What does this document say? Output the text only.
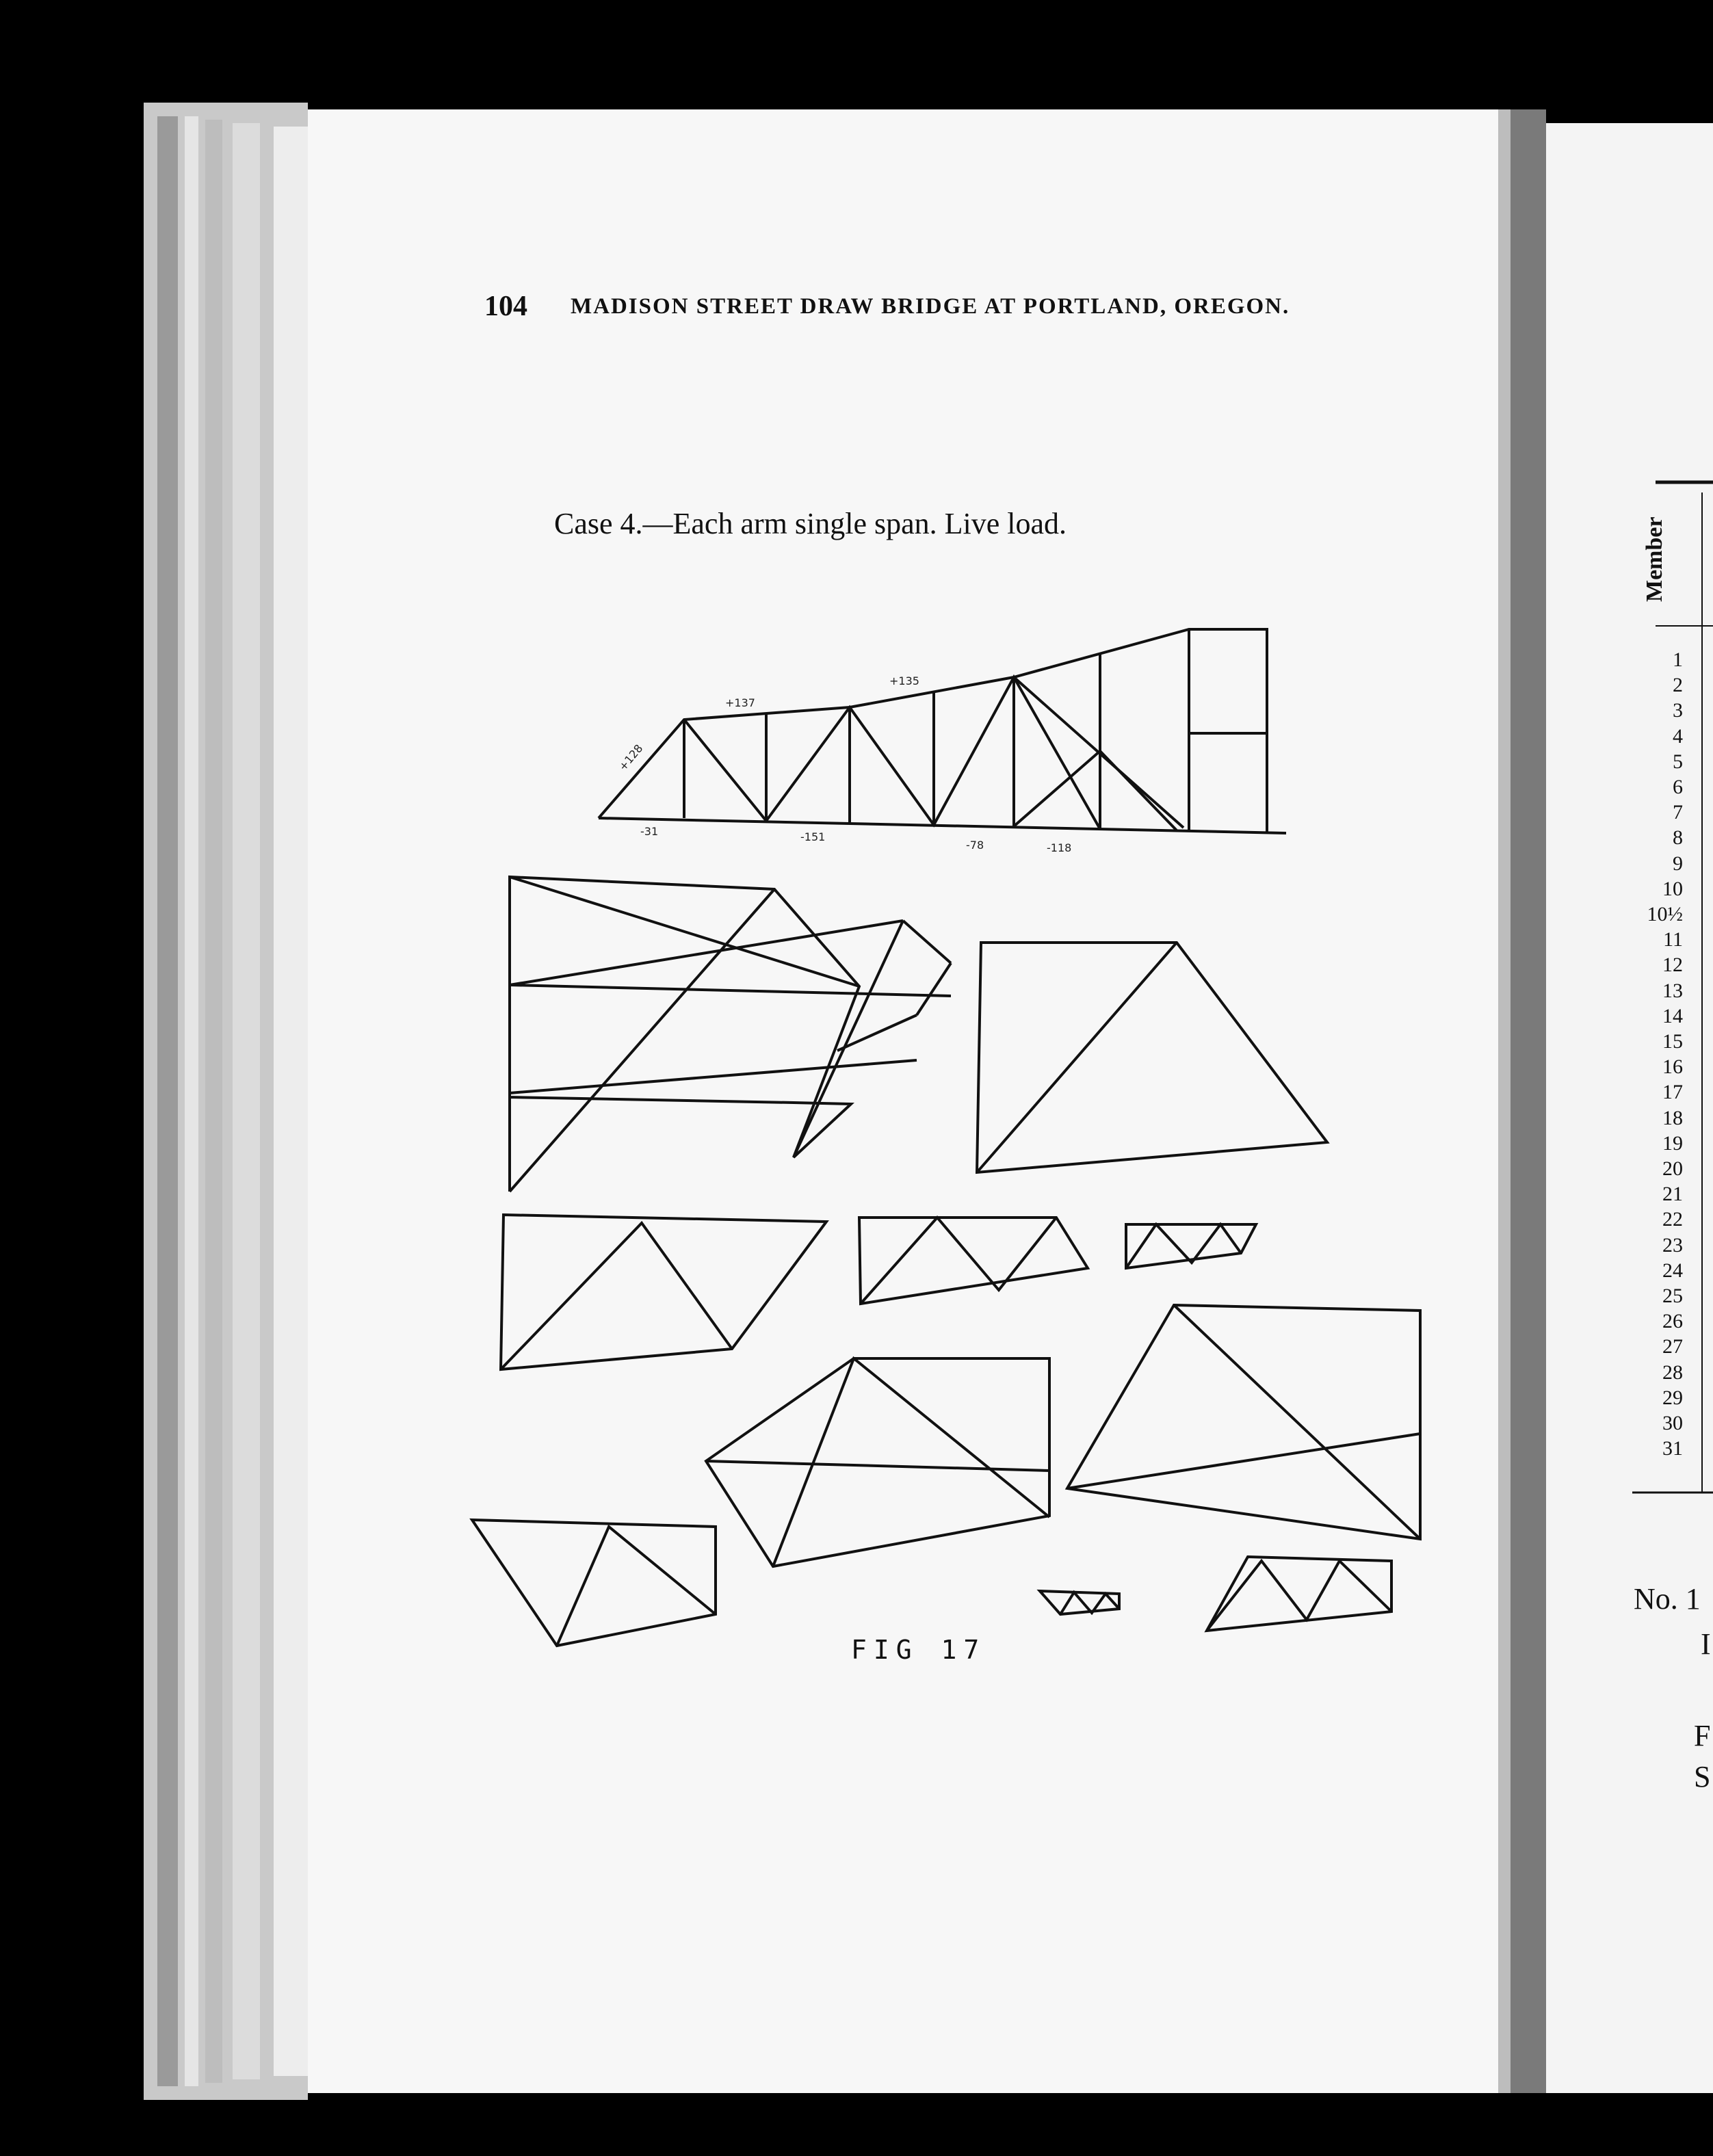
104 MADISON STREET DRAW BRIDGE AT PORTLAND, OREGON.
Case 4.—Each arm single span. Live load.
+128
+137
+135
-31	-151
-78	-118
FIG 17
Member
1
2
3
4
5
6
7
8
9
10
10½
11
12
13
14
15
16
17
18
19
20
21
22
23
24
25
26
27
28
29
30
31
No. 1
I
F
S
